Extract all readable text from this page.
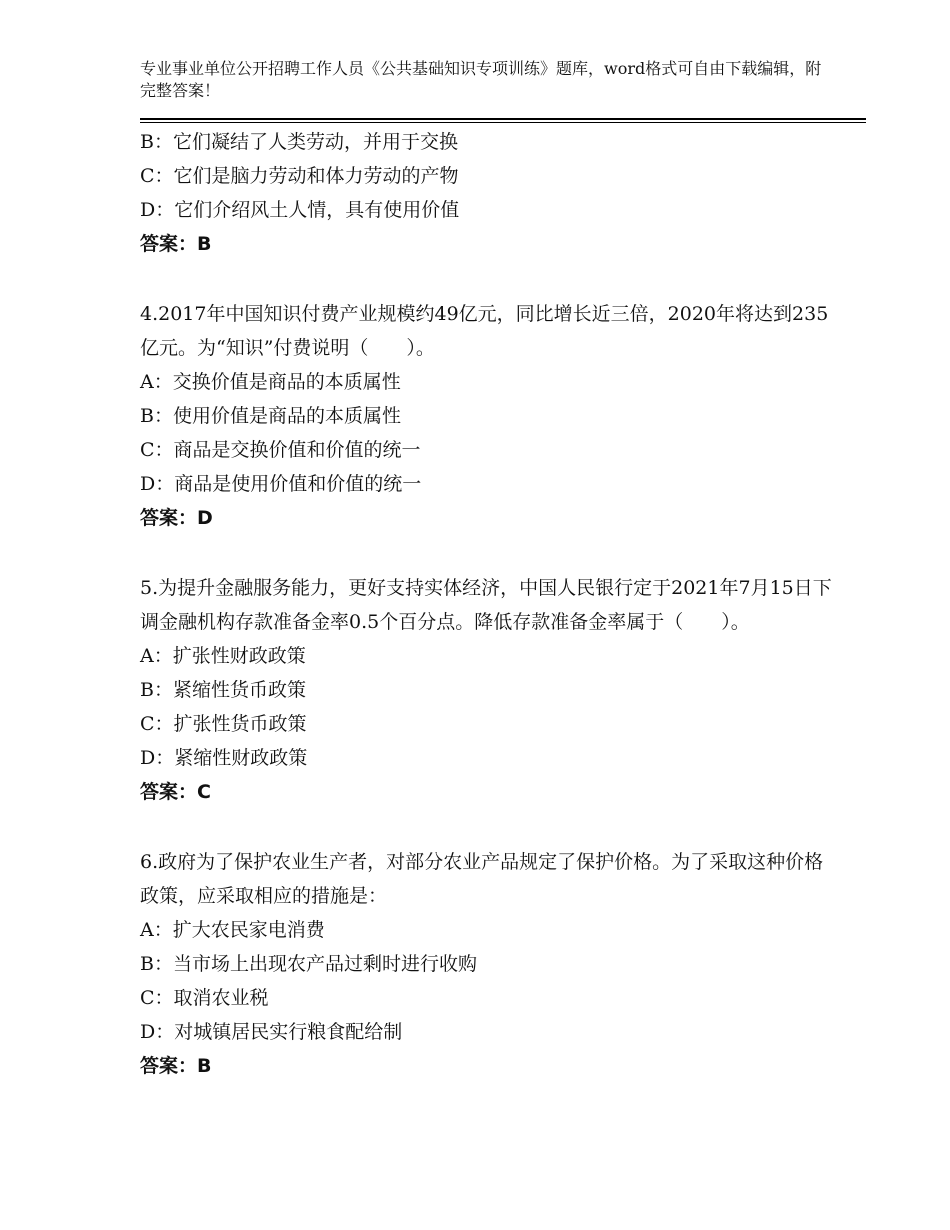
专业事业单位公开招聘工作人员《公共基础知识专项训练》题库，word格式可自由下载编辑，附完整答案！
B：它们凝结了人类劳动，并用于交换
C：它们是脑力劳动和体力劳动的产物
D：它们介绍风土人情，具有使用价值
答案：B
4.2017年中国知识付费产业规模约49亿元，同比增长近三倍，2020年将达到235亿元。为“知识”付费说明（　　）。
A：交换价值是商品的本质属性
B：使用价值是商品的本质属性
C：商品是交换价值和价值的统一
D：商品是使用价值和价值的统一
答案：D
5.为提升金融服务能力，更好支持实体经济，中国人民银行定于2021年7月15日下调金融机构存款准备金率0.5个百分点。降低存款准备金率属于（　　）。
A：扩张性财政政策
B：紧缩性货币政策
C：扩张性货币政策
D：紧缩性财政政策
答案：C
6.政府为了保护农业生产者，对部分农业产品规定了保护价格。为了采取这种价格政策，应采取相应的措施是：
A：扩大农民家电消费
B：当市场上出现农产品过剩时进行收购
C：取消农业税
D：对城镇居民实行粮食配给制
答案：B
